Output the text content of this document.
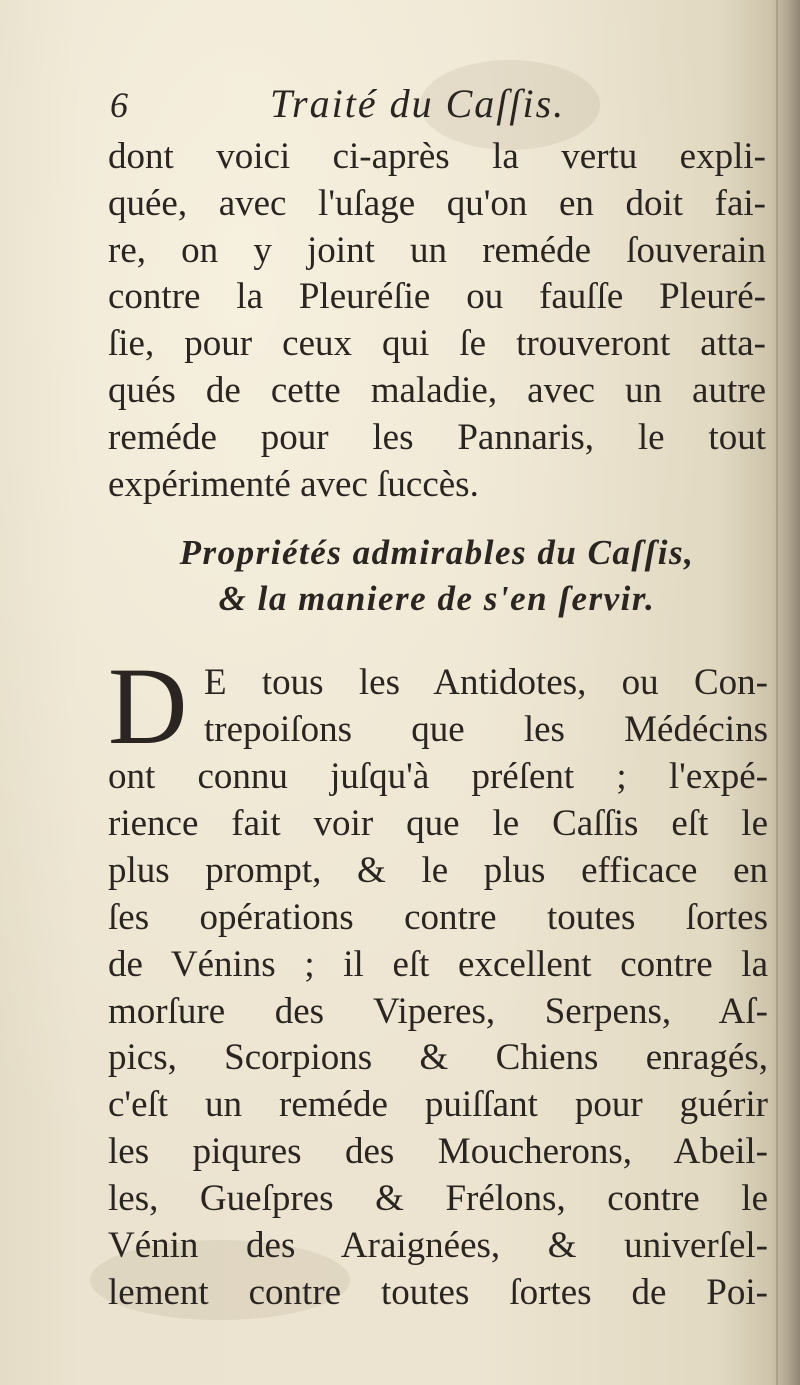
6	Traité du Caſſis.
dont voici ci-après la vertu expli-
quée, avec l'uſage qu'on en doit fai-
re, on y joint un reméde ſouverain
contre la Pleuréſie ou fauſſe Pleuré-
ſie, pour ceux qui ſe trouveront atta-
qués de cette maladie, avec un autre
reméde pour les Pannaris, le tout
expérimenté avec ſuccès.
Propriétés admirables du Caſſis,
& la maniere de s'en ſervir.
D E tous les Antidotes, ou Con-
trepoiſons que les Médécins
ont connu juſqu'à préſent ; l'expé-
rience fait voir que le Caſſis eſt le
plus prompt, & le plus efficace en
ſes opérations contre toutes ſortes
de Vénins ; il eſt excellent contre la
morſure des Viperes, Serpens, Aſ-
pics, Scorpions & Chiens enragés,
c'eſt un reméde puiſſant pour guérir
les piqures des Moucherons, Abeil-
les, Gueſpres & Frélons, contre le
Vénin des Araignées, & univerſel-
lement contre toutes ſortes de Poi-
